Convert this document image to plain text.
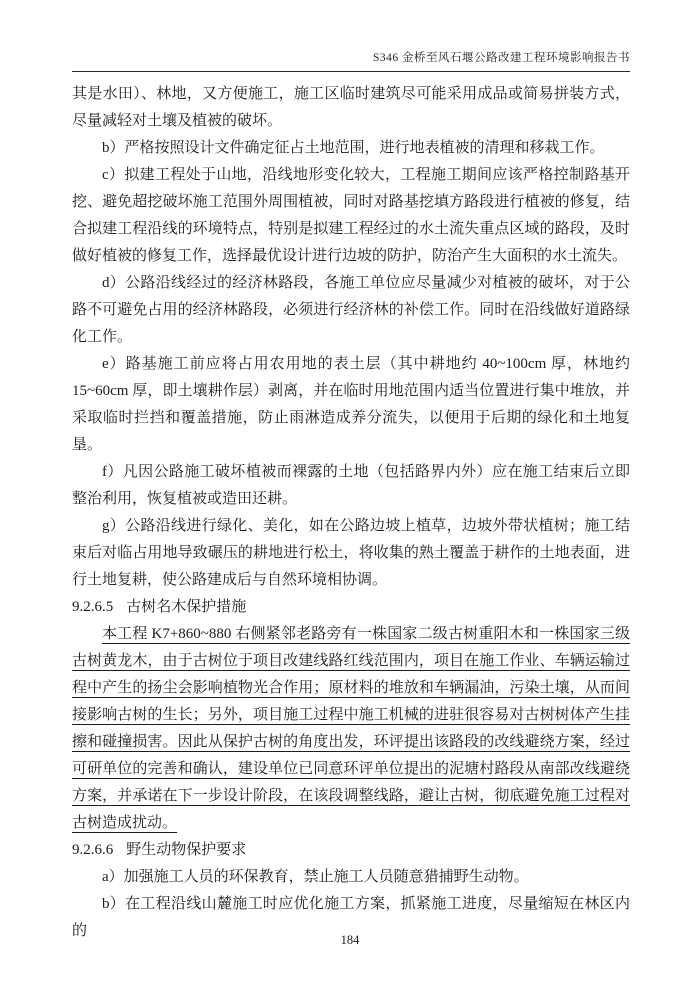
S346 金桥至风石堰公路改建工程环境影响报告书

其是水田）、林地，又方便施工，施工区临时建筑尽可能采用成品或简易拼装方式，尽量减轻对土壤及植被的破坏。

b）严格按照设计文件确定征占土地范围，进行地表植被的清理和移栽工作。

c）拟建工程处于山地，沿线地形变化较大，工程施工期间应该严格控制路基开挖、避免超挖破坏施工范围外周围植被，同时对路基挖填方路段进行植被的修复，结合拟建工程沿线的环境特点，特别是拟建工程经过的水土流失重点区域的路段，及时做好植被的修复工作，选择最优设计进行边坡的防护，防治产生大面积的水土流失。

d）公路沿线经过的经济林路段，各施工单位应尽量减少对植被的破坏，对于公路不可避免占用的经济林路段，必须进行经济林的补偿工作。同时在沿线做好道路绿化工作。

e）路基施工前应将占用农用地的表土层（其中耕地约 40~100cm 厚，林地约15~60cm 厚，即土壤耕作层）剥离，并在临时用地范围内适当位置进行集中堆放，并采取临时拦挡和覆盖措施，防止雨淋造成养分流失，以便用于后期的绿化和土地复垦。

f）凡因公路施工破坏植被而裸露的土地（包括路界内外）应在施工结束后立即整治利用，恢复植被或造田还耕。

g）公路沿线进行绿化、美化，如在公路边坡上植草，边坡外带状植树；施工结束后对临占用地导致碾压的耕地进行松土，将收集的熟土覆盖于耕作的土地表面，进行土地复耕，使公路建成后与自然环境相协调。

9.2.6.5 古树名木保护措施

本工程 K7+860~880 右侧紧邻老路旁有一株国家二级古树重阳木和一株国家三级古树黄龙木，由于古树位于项目改建线路红线范围内，项目在施工作业、车辆运输过程中产生的扬尘会影响植物光合作用；原材料的堆放和车辆漏油，污染土壤，从而间接影响古树的生长；另外，项目施工过程中施工机械的进驻很容易对古树树体产生挂擦和碰撞损害。因此从保护古树的角度出发，环评提出该路段的改线避绕方案，经过可研单位的完善和确认，建设单位已同意环评单位提出的泥塘村路段从南部改线避绕方案，并承诺在下一步设计阶段，在该段调整线路，避让古树，彻底避免施工过程对古树造成扰动。

9.2.6.6 野生动物保护要求

a）加强施工人员的环保教育，禁止施工人员随意猎捕野生动物。

b）在工程沿线山麓施工时应优化施工方案，抓紧施工进度，尽量缩短在林区内的

184
